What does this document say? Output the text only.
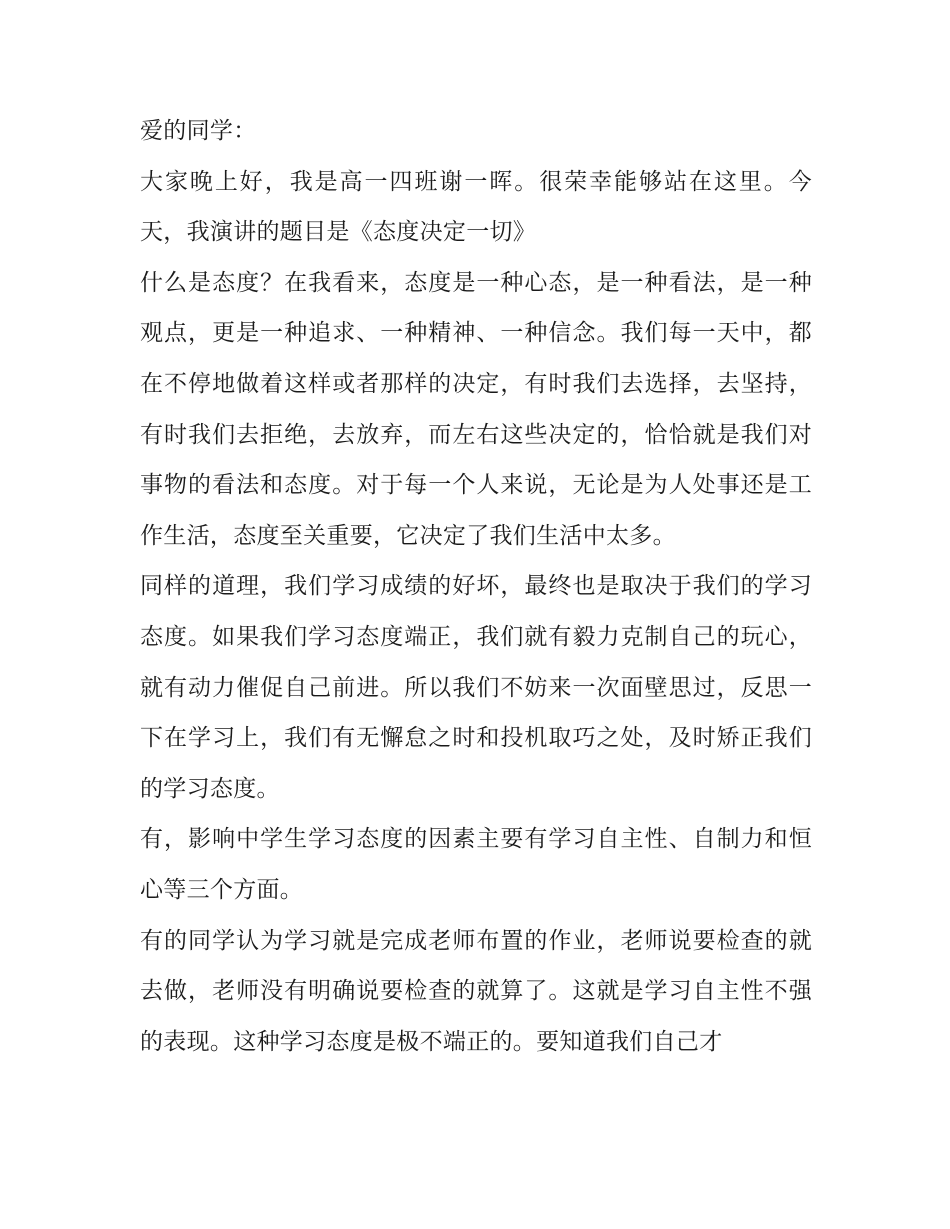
爱的同学：

大家晚上好，我是高一四班谢一晖。很荣幸能够站在这里。今天，我演讲的题目是《态度决定一切》

什么是态度？在我看来，态度是一种心态，是一种看法，是一种观点，更是一种追求、一种精神、一种信念。我们每一天中，都在不停地做着这样或者那样的决定，有时我们去选择，去坚持，有时我们去拒绝，去放弃，而左右这些决定的，恰恰就是我们对事物的看法和态度。对于每一个人来说，无论是为人处事还是工作生活，态度至关重要，它决定了我们生活中太多。

同样的道理，我们学习成绩的好坏，最终也是取决于我们的学习态度。如果我们学习态度端正，我们就有毅力克制自己的玩心，就有动力催促自己前进。所以我们不妨来一次面壁思过，反思一下在学习上，我们有无懈怠之时和投机取巧之处，及时矫正我们的学习态度。

有，影响中学生学习态度的因素主要有学习自主性、自制力和恒心等三个方面。

有的同学认为学习就是完成老师布置的作业，老师说要检查的就去做，老师没有明确说要检查的就算了。这就是学习自主性不强的表现。这种学习态度是极不端正的。要知道我们自己才
